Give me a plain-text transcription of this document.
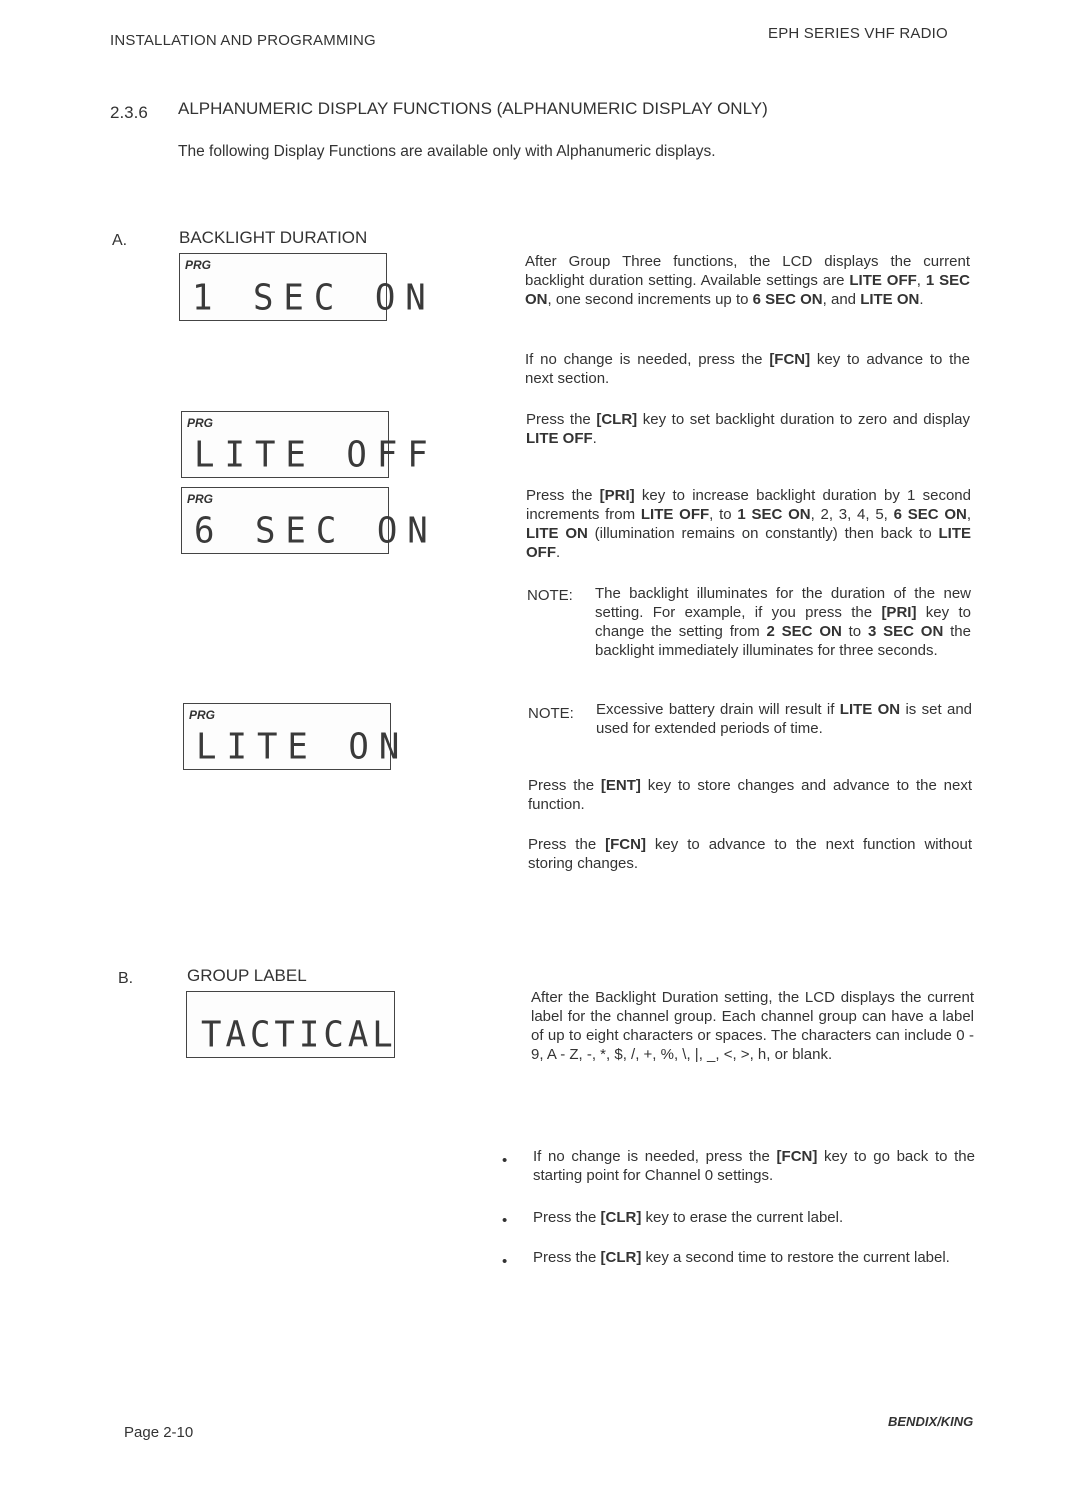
INSTALLATION AND PROGRAMMING	EPH SERIES VHF RADIO
2.3.6 ALPHANUMERIC DISPLAY FUNCTIONS (ALPHANUMERIC DISPLAY ONLY)
The following Display Functions are available only with Alphanumeric displays.
A.	BACKLIGHT DURATION
PRG
1 SEC ON
PRG
LITE OFF
PRG
6 SEC ON
PRG
LITE ON
After Group Three functions, the LCD displays the current backlight duration setting. Available settings are LITE OFF, 1 SEC ON, one second increments up to 6 SEC ON, and LITE ON.
If no change is needed, press the [FCN] key to advance to the next section.
Press the [CLR] key to set backlight duration to zero and display LITE OFF.
Press the [PRI] key to increase backlight duration by 1 second increments from LITE OFF, to 1 SEC ON, 2, 3, 4, 5, 6 SEC ON, LITE ON (illumination remains on constantly) then back to LITE OFF.
NOTE: The backlight illuminates for the duration of the new setting. For example, if you press the [PRI] key to change the setting from 2 SEC ON to 3 SEC ON the backlight immediately illuminates for three seconds.
NOTE: Excessive battery drain will result if LITE ON is set and used for extended periods of time.
Press the [ENT] key to store changes and advance to the next function.
Press the [FCN] key to advance to the next function without storing changes.
B.	GROUP LABEL
TACTICAL
After the Backlight Duration setting, the LCD displays the current label for the channel group. Each channel group can have a label of up to eight characters or spaces. The characters can include 0 - 9, A - Z, -, *, $, /, +, %, \, |, _, <, >, h, or blank.
• If no change is needed, press the [FCN] key to go back to the starting point for Channel 0 settings.
• Press the [CLR] key to erase the current label.
• Press the [CLR] key a second time to restore the current label.
Page 2-10
BENDIX/KING
